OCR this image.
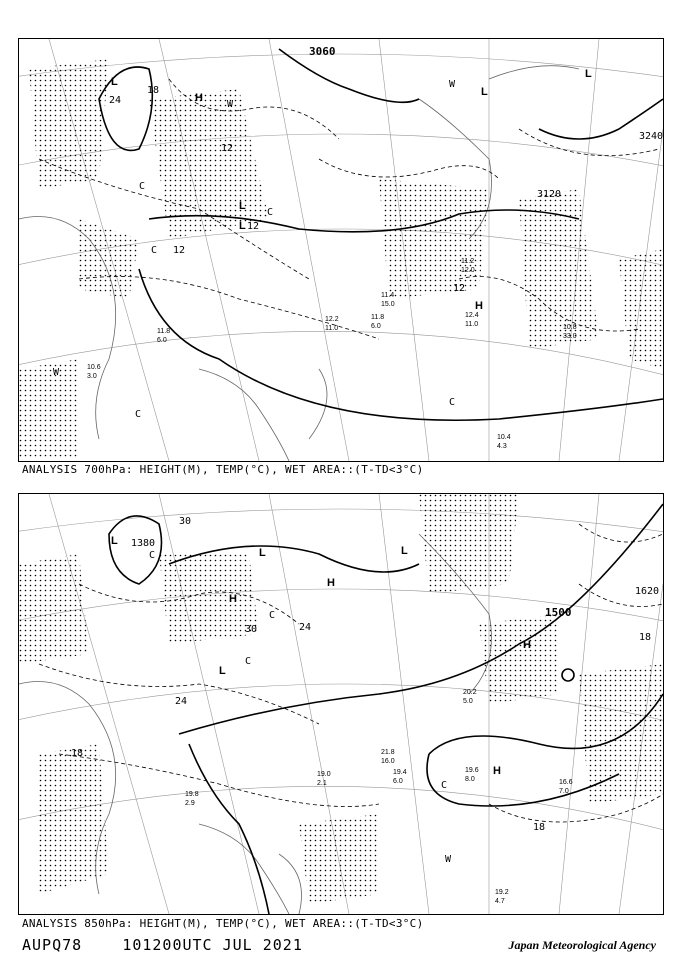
3060
3120
3240
24
18
12
12
12
12
L
L
L
L
L
H
H
W
W
W
C
C
C
C
C
10.4
4.3
10.8
33.0
12.4
11.0
11.8
6.0
11.2
12.0
11.4
15.0
12.2
11.0
10.6
3.0
11.8
6.0
ANALYSIS 700hPa: HEIGHT(M), TEMP(°C), WET AREA::(T-TD<3°C)
1380
1500
1620
30
30	24
24
18
18
18
L
L	L
L
H
H
H
H
W
C
C
C
C
19.2
4.7
19.6
8.0	16.6
7.0
19.4
6.0
21.8
16.0
19.0
2.1
19.8
2.9
20.2
5.0
ANALYSIS 850hPa: HEIGHT(M), TEMP(°C), WET AREA::(T-TD<3°C)
AUPQ78	101200UTC JUL 2021	Japan Meteorological Agency
